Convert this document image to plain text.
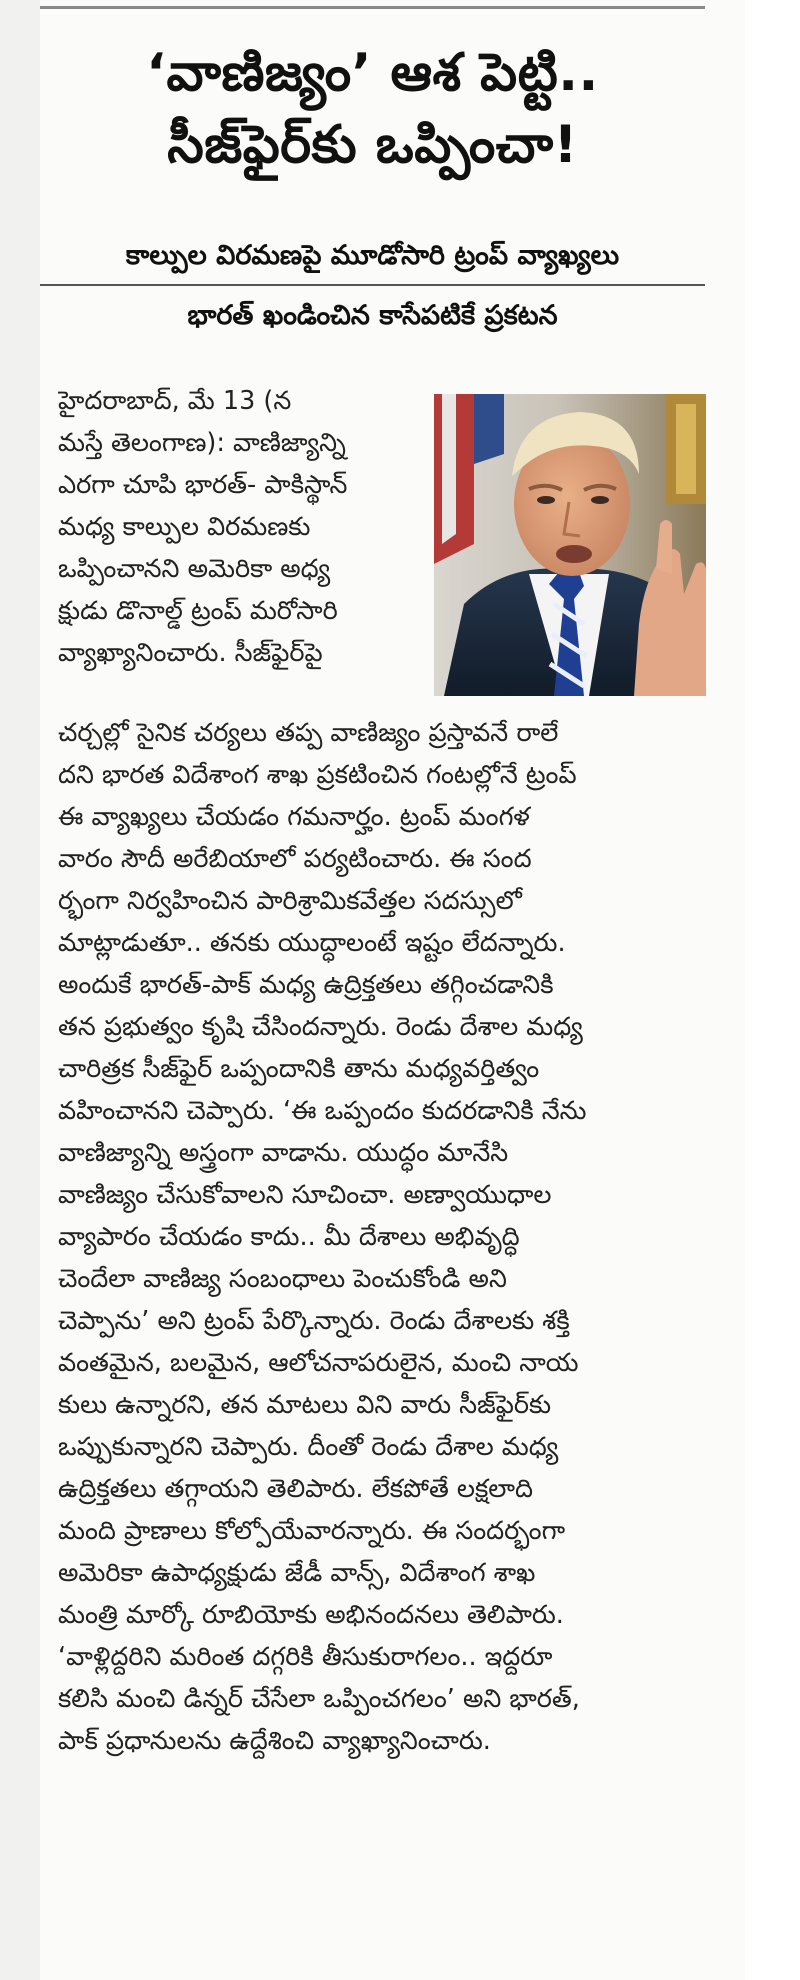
‘వాణిజ్యం’ ఆశ పెట్టి..
సీజ్‌ఫైర్‌కు ఒప్పించా!
కాల్పుల విరమణపై మూడోసారి ట్రంప్ వ్యాఖ్యలు
భారత్ ఖండించిన కాసేపటికే ప్రకటన
హైదరాబాద్, మే 13 (న
మస్తే తెలంగాణ): వాణిజ్యాన్ని
ఎరగా చూపి భారత్- పాకిస్థాన్
మధ్య కాల్పుల విరమణకు
ఒప్పించానని అమెరికా అధ్య
క్షుడు డొనాల్డ్ ట్రంప్ మరోసారి
వ్యాఖ్యానించారు. సీజ్‌ఫైర్‌పై
చర్చల్లో సైనిక చర్యలు తప్ప వాణిజ్యం ప్రస్తావనే రాలే
దని భారత విదేశాంగ శాఖ ప్రకటించిన గంటల్లోనే ట్రంప్
ఈ వ్యాఖ్యలు చేయడం గమనార్హం. ట్రంప్ మంగళ
వారం సౌదీ అరేబియాలో పర్యటించారు. ఈ సంద
ర్భంగా నిర్వహించిన పారిశ్రామికవేత్తల సదస్సులో
మాట్లాడుతూ.. తనకు యుద్ధాలంటే ఇష్టం లేదన్నారు.
అందుకే భారత్-పాక్ మధ్య ఉద్రిక్తతలు తగ్గించడానికి
తన ప్రభుత్వం కృషి చేసిందన్నారు. రెండు దేశాల మధ్య
చారిత్రక సీజ్‌ఫైర్ ఒప్పందానికి తాను మధ్యవర్తిత్వం
వహించానని చెప్పారు. ‘ఈ ఒప్పందం కుదరడానికి నేను
వాణిజ్యాన్ని అస్త్రంగా వాడాను. యుద్ధం మానేసి
వాణిజ్యం చేసుకోవాలని సూచించా. అణ్వాయుధాల
వ్యాపారం చేయడం కాదు.. మీ దేశాలు అభివృద్ధి
చెందేలా వాణిజ్య సంబంధాలు పెంచుకోండి అని
చెప్పాను’ అని ట్రంప్ పేర్కొన్నారు. రెండు దేశాలకు శక్తి
వంతమైన, బలమైన, ఆలోచనాపరులైన, మంచి నాయ
కులు ఉన్నారని, తన మాటలు విని వారు సీజ్‌ఫైర్‌కు
ఒప్పుకున్నారని చెప్పారు. దీంతో రెండు దేశాల మధ్య
ఉద్రిక్తతలు తగ్గాయని తెలిపారు. లేకపోతే లక్షలాది
మంది ప్రాణాలు కోల్పోయేవారన్నారు. ఈ సందర్భంగా
అమెరికా ఉపాధ్యక్షుడు జేడీ వాన్స్, విదేశాంగ శాఖ
మంత్రి మార్కో రూబియోకు అభినందనలు తెలిపారు.
‘వాళ్లిద్దరిని మరింత దగ్గరికి తీసుకురాగలం.. ఇద్దరూ
కలిసి మంచి డిన్నర్ చేసేలా ఒప్పించగలం’ అని భారత్,
పాక్ ప్రధానులను ఉద్దేశించి వ్యాఖ్యానించారు.
